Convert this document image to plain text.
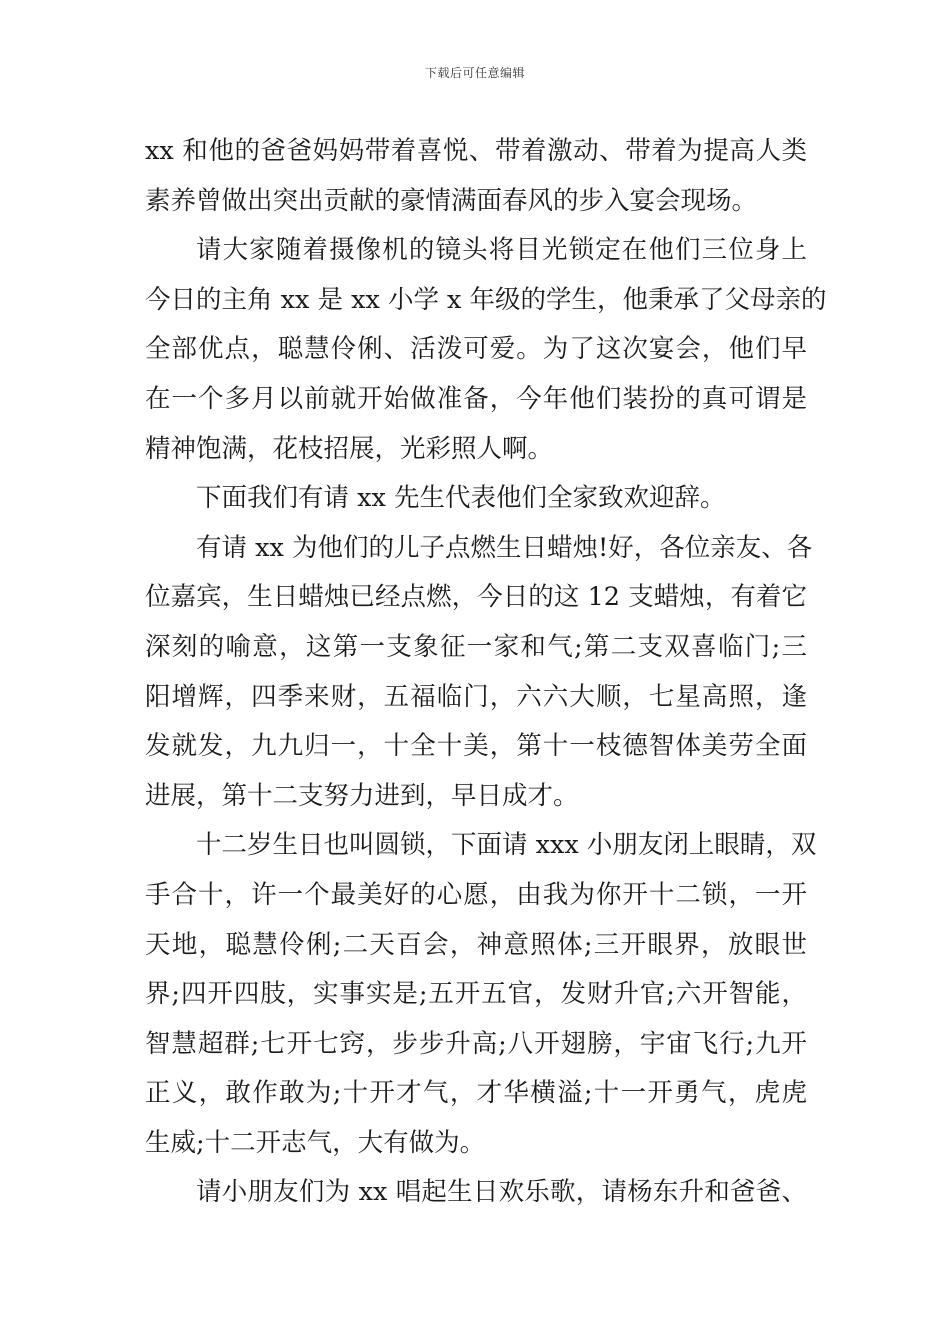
下载后可任意编辑
xx 和他的爸爸妈妈带着喜悦、带着激动、带着为提高人类
素养曾做出突出贡献的豪情满面春风的步入宴会现场。
请大家随着摄像机的镜头将目光锁定在他们三位身上
今日的主角 xx 是 xx 小学 x 年级的学生，他秉承了父母亲的
全部优点，聪慧伶俐、活泼可爱。为了这次宴会，他们早
在一个多月以前就开始做准备，今年他们装扮的真可谓是
精神饱满，花枝招展，光彩照人啊。
下面我们有请 xx 先生代表他们全家致欢迎辞。
有请 xx 为他们的儿子点燃生日蜡烛!好，各位亲友、各
位嘉宾，生日蜡烛已经点燃，今日的这 12 支蜡烛，有着它
深刻的喻意，这第一支象征一家和气;第二支双喜临门;三
阳增辉，四季来财，五福临门，六六大顺，七星高照，逢
发就发，九九归一，十全十美，第十一枝德智体美劳全面
进展，第十二支努力进到，早日成才。
十二岁生日也叫圆锁，下面请 xxx 小朋友闭上眼睛，双
手合十，许一个最美好的心愿，由我为你开十二锁，一开
天地，聪慧伶俐;二天百会，神意照体;三开眼界，放眼世
界;四开四肢，实事实是;五开五官，发财升官;六开智能，
智慧超群;七开七窍，步步升高;八开翅膀，宇宙飞行;九开
正义，敢作敢为;十开才气，才华横溢;十一开勇气，虎虎
生威;十二开志气，大有做为。
请小朋友们为 xx 唱起生日欢乐歌，请杨东升和爸爸、
